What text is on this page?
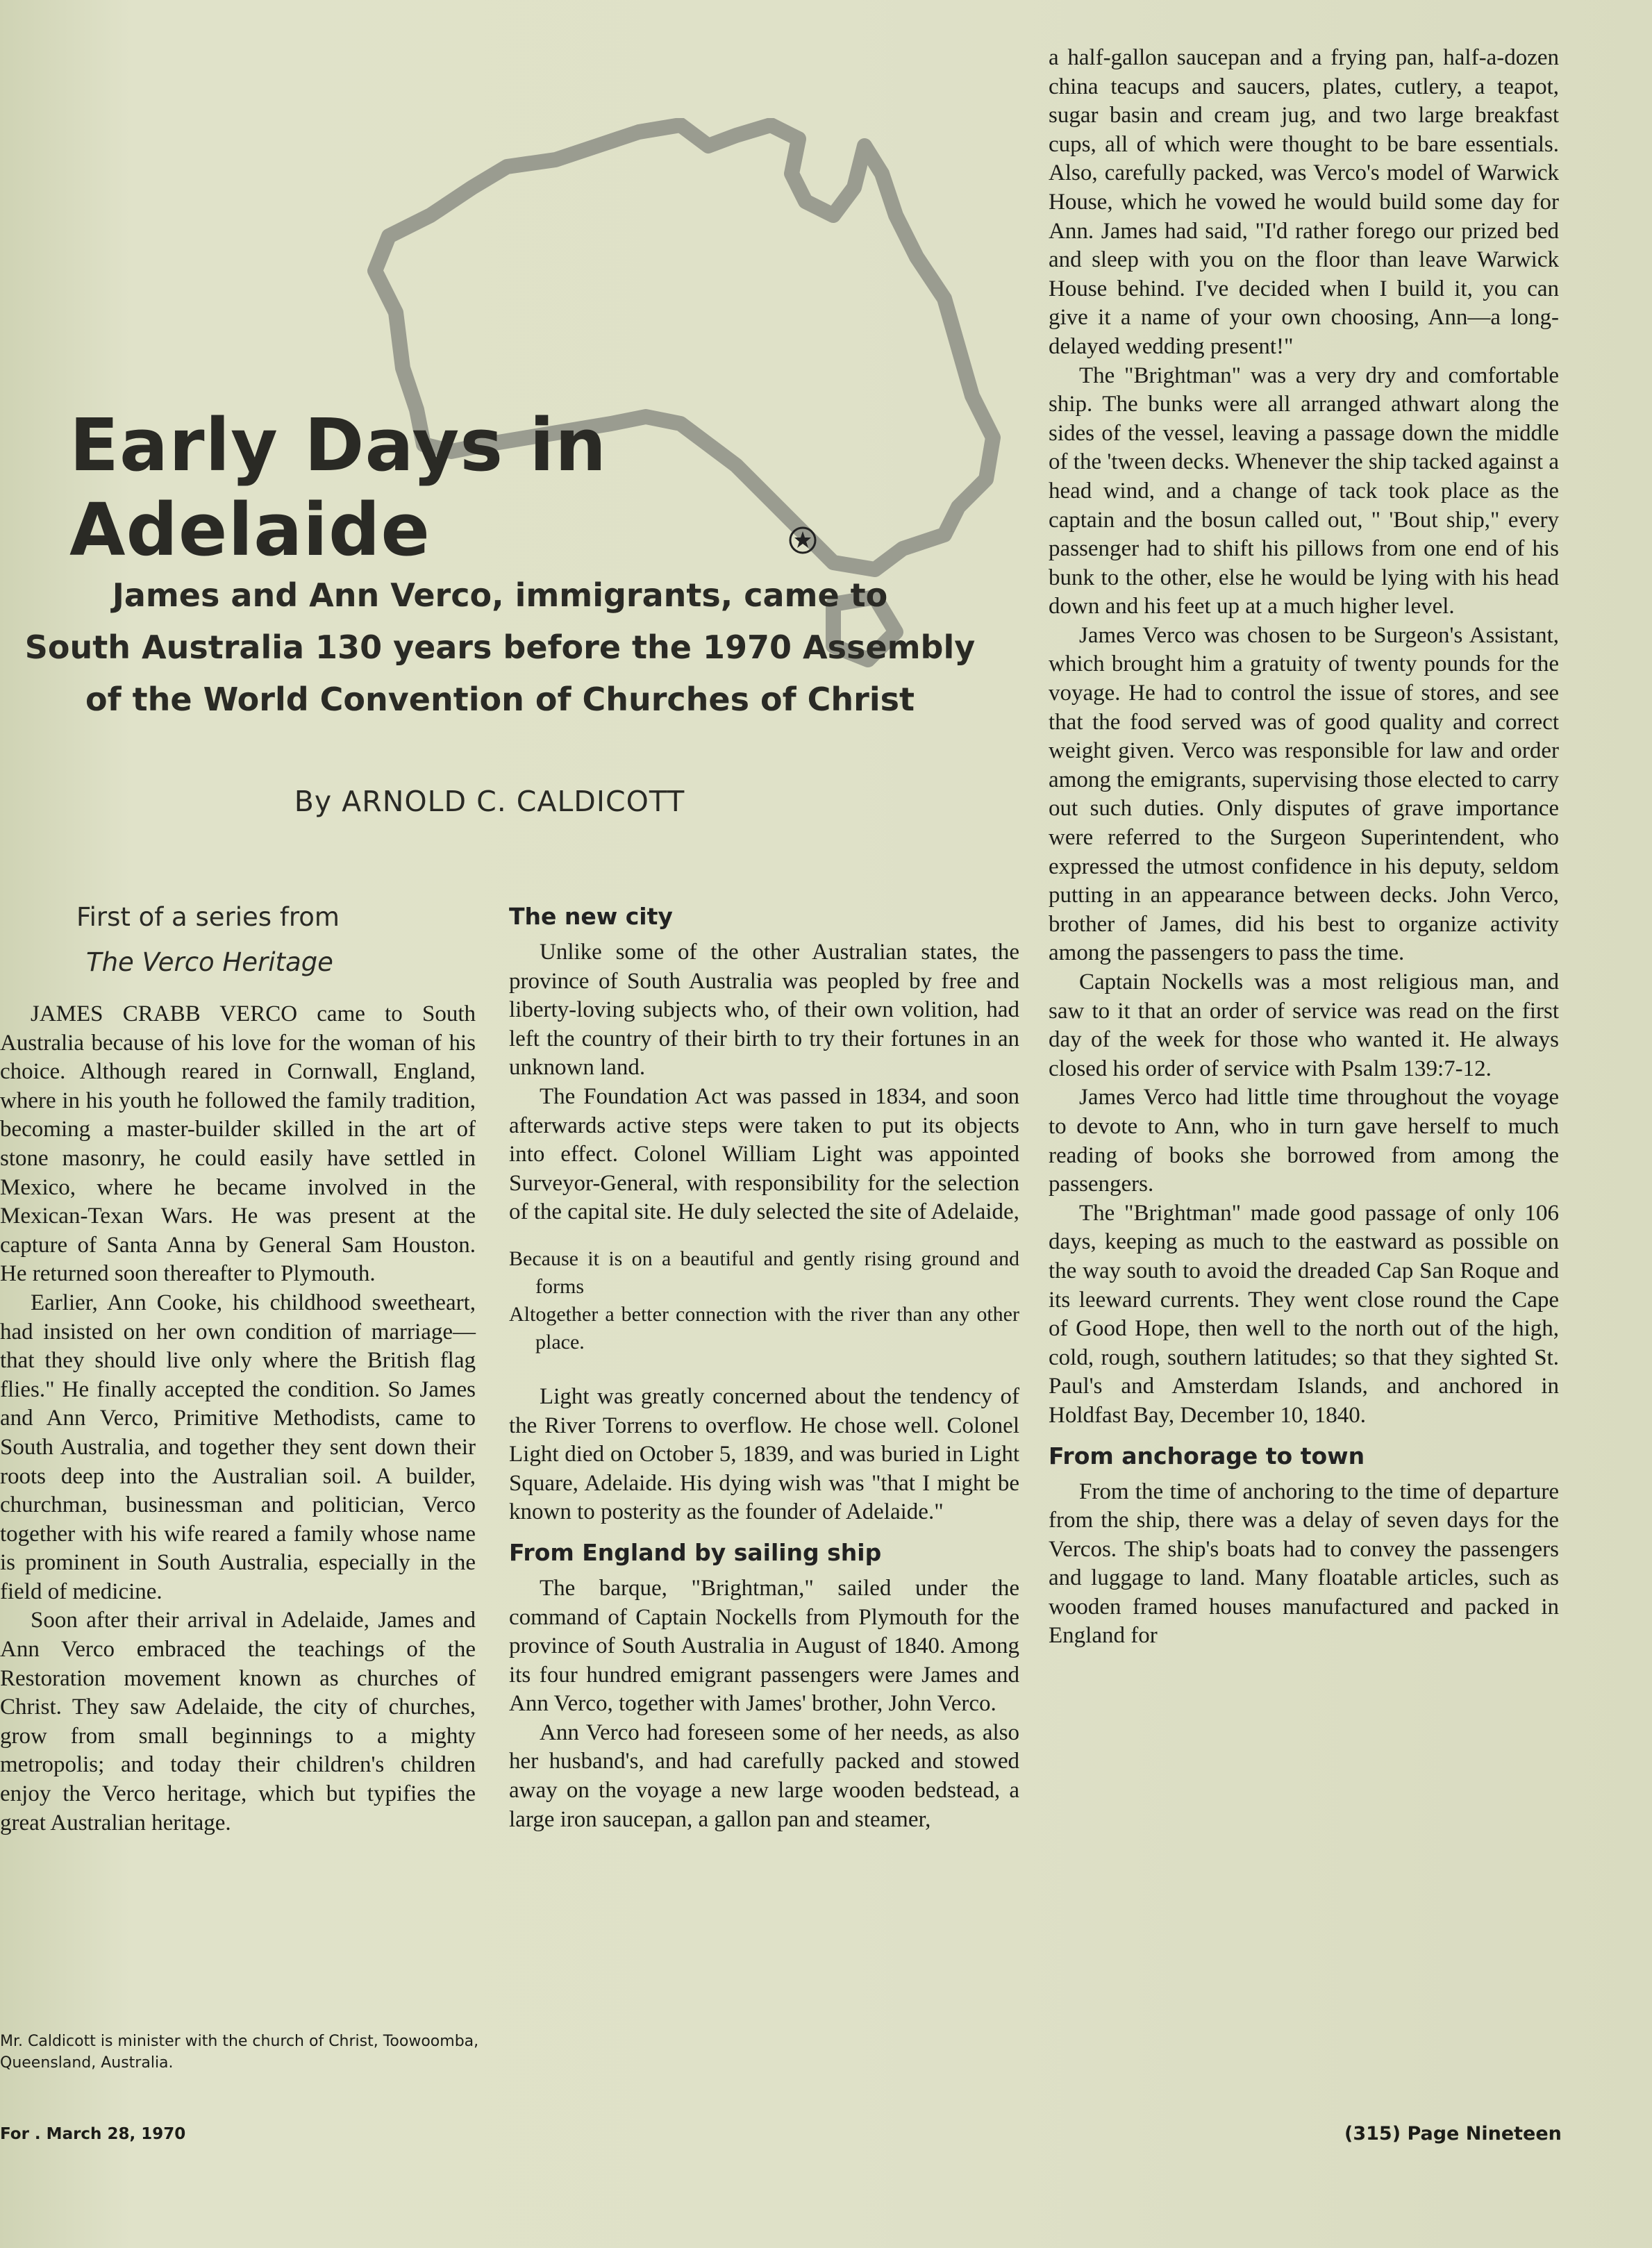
Early Days in Adelaide
James and Ann Verco, immigrants, came to
South Australia 130 years before the 1970 Assembly
of the World Convention of Churches of Christ
By ARNOLD C. CALDICOTT
First of a series from
The Verco Heritage

JAMES CRABB VERCO came to South Australia because of his love for the woman of his choice. Although reared in Cornwall, England, where in his youth he followed the family tradition, becoming a master-builder skilled in the art of stone masonry, he could easily have settled in Mexico, where he became involved in the Mexican-Texan Wars. He was present at the capture of Santa Anna by General Sam Houston. He returned soon thereafter to Plymouth.

Earlier, Ann Cooke, his childhood sweetheart, had insisted on her own condition of marriage—that they should live only where the British flag flies." He finally accepted the condition. So James and Ann Verco, Primitive Methodists, came to South Australia, and together they sent down their roots deep into the Australian soil. A builder, churchman, businessman and politician, Verco together with his wife reared a family whose name is prominent in South Australia, especially in the field of medicine.

Soon after their arrival in Adelaide, James and Ann Verco embraced the teachings of the Restoration movement known as churches of Christ. They saw Adelaide, the city of churches, grow from small beginnings to a mighty metropolis; and today their children's children enjoy the Verco heritage, which but typifies the great Australian heritage.

Mr. Caldicott is minister with the church of Christ, Toowoomba, Queensland, Australia.
The new city

Unlike some of the other Australian states, the province of South Australia was peopled by free and liberty-loving subjects who, of their own volition, had left the country of their birth to try their fortunes in an unknown land.

The Foundation Act was passed in 1834, and soon afterwards active steps were taken to put its objects into effect. Colonel William Light was appointed Surveyor-General, with responsibility for the selection of the capital site. He duly selected the site of Adelaide,

Because it is on a beautiful and gently rising ground and forms
Altogether a better connection with the river than any other place.

Light was greatly concerned about the tendency of the River Torrens to overflow. He chose well. Colonel Light died on October 5, 1839, and was buried in Light Square, Adelaide. His dying wish was "that I might be known to posterity as the founder of Adelaide."

From England by sailing ship

The barque, "Brightman," sailed under the command of Captain Nockells from Plymouth for the province of South Australia in August of 1840. Among its four hundred emigrant passengers were James and Ann Verco, together with James' brother, John Verco.

Ann Verco had foreseen some of her needs, as also her husband's, and had carefully packed and stowed away on the voyage a new large wooden bedstead, a large iron saucepan, a gallon pan and steamer,

a half-gallon saucepan and a frying pan, half-a-dozen china teacups and saucers, plates, cutlery, a teapot, sugar basin and cream jug, and two large breakfast cups, all of which were thought to be bare essentials. Also, carefully packed, was Verco's model of Warwick House, which he vowed he would build some day for Ann. James had said, "I'd rather forego our prized bed and sleep with you on the floor than leave Warwick House behind. I've decided when I build it, you can give it a name of your own choosing, Ann—a long-delayed wedding present!"

The "Brightman" was a very dry and comfortable ship. The bunks were all arranged athwart along the sides of the vessel, leaving a passage down the middle of the 'tween decks. Whenever the ship tacked against a head wind, and a change of tack took place as the captain and the bosun called out, " 'Bout ship," every passenger had to shift his pillows from one end of his bunk to the other, else he would be lying with his head down and his feet up at a much higher level.

James Verco was chosen to be Surgeon's Assistant, which brought him a gratuity of twenty pounds for the voyage. He had to control the issue of stores, and see that the food served was of good quality and correct weight given. Verco was responsible for law and order among the emigrants, supervising those elected to carry out such duties. Only disputes of grave importance were referred to the Surgeon Superintendent, who expressed the utmost confidence in his deputy, seldom putting in an appearance between decks. John Verco, brother of James, did his best to organize activity among the passengers to pass the time.

Captain Nockells was a most religious man, and saw to it that an order of service was read on the first day of the week for those who wanted it. He always closed his order of service with Psalm 139:7-12.

James Verco had little time throughout the voyage to devote to Ann, who in turn gave herself to much reading of books she borrowed from among the passengers.

The "Brightman" made good passage of only 106 days, keeping as much to the eastward as possible on the way south to avoid the dreaded Cap San Roque and its leeward currents. They went close round the Cape of Good Hope, then well to the north out of the high, cold, rough, southern latitudes; so that they sighted St. Paul's and Amsterdam Islands, and anchored in Holdfast Bay, December 10, 1840.

From anchorage to town

From the time of anchoring to the time of departure from the ship, there was a delay of seven days for the Vercos. The ship's boats had to convey the passengers and luggage to land. Many floatable articles, such as wooden framed houses manufactured and packed in England for

For . March 28, 1970	(315) Page Nineteen
